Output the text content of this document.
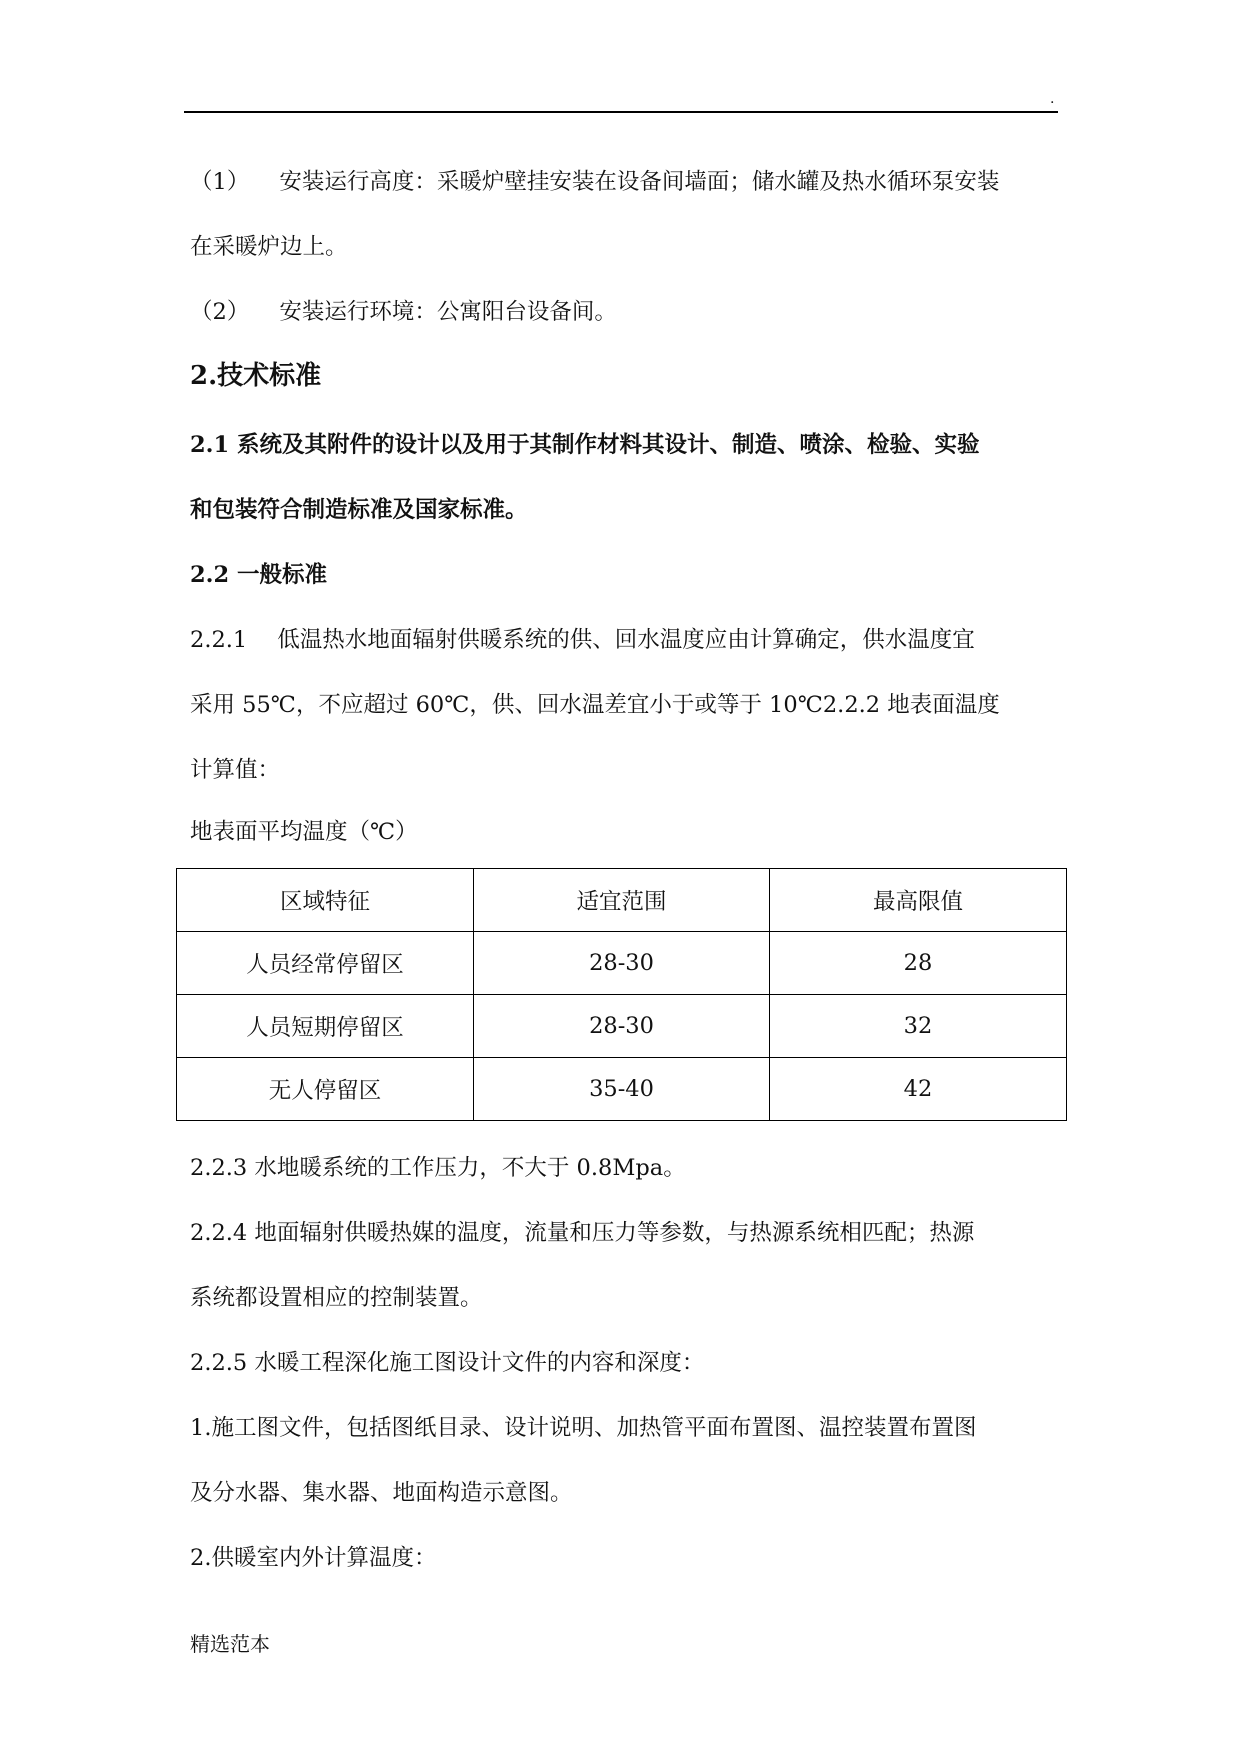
.
（1） 安装运行高度：采暖炉壁挂安装在设备间墙面；储水罐及热水循环泵安装
在采暖炉边上。
（2） 安装运行环境：公寓阳台设备间。
2.技术标准
2.1 系统及其附件的设计以及用于其制作材料其设计、制造、喷涂、检验、实验
和包装符合制造标准及国家标准。
2.2 一般标准
2.2.1 低温热水地面辐射供暖系统的供、回水温度应由计算确定，供水温度宜
采用 55℃，不应超过 60℃，供、回水温差宜小于或等于 10℃2.2.2 地表面温度
计算值：
地表面平均温度（℃）
区域特征	适宜范围	最高限值
人员经常停留区	28-30	28
人员短期停留区	28-30	32
无人停留区	35-40	42
2.2.3 水地暖系统的工作压力，不大于 0.8Mpa。
2.2.4 地面辐射供暖热媒的温度，流量和压力等参数，与热源系统相匹配；热源
系统都设置相应的控制装置。
2.2.5 水暖工程深化施工图设计文件的内容和深度：
1.施工图文件，包括图纸目录、设计说明、加热管平面布置图、温控装置布置图
及分水器、集水器、地面构造示意图。
2.供暖室内外计算温度：
精选范本
